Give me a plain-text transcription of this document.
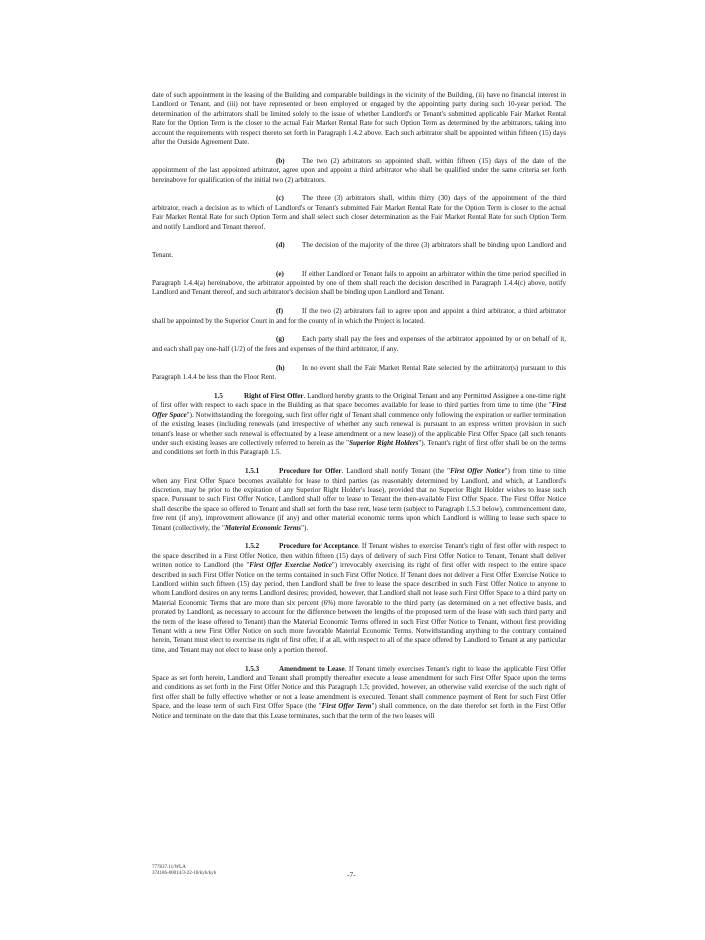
date of such appointment in the leasing of the Building and comparable buildings in the vicinity of the Building, (ii) have no financial interest in Landlord or Tenant, and (iii) not have represented or been employed or engaged by the appointing party during such 10-year period. The determination of the arbitrators shall be limited solely to the issue of whether Landlord's or Tenant's submitted applicable Fair Market Rental Rate for the Option Term is the closer to the actual Fair Market Rental Rate for such Option Term as determined by the arbitrators, taking into account the requirements with respect thereto set forth in Paragraph 1.4.2 above. Each such arbitrator shall be appointed within fifteen (15) days after the Outside Agreement Date.

(b) The two (2) arbitrators so appointed shall, within fifteen (15) days of the date of the appointment of the last appointed arbitrator, agree upon and appoint a third arbitrator who shall be qualified under the same criteria set forth hereinabove for qualification of the initial two (2) arbitrators.

(c)	The three (3) arbitrators shall, within thirty (30) days of the appointment of the third arbitrator, reach a decision as to which of Landlord's or Tenant's submitted Fair Market Rental Rate for the Option Term is closer to the actual Fair Market Rental Rate for such Option Term and shall select such closer determination as the Fair Market Rental Rate for such Option Term and notify Landlord and Tenant thereof.

(d) The decision of the majority of the three (3) arbitrators shall be binding upon Landlord and Tenant.

(e)	If either Landlord or Tenant fails to appoint an arbitrator within the time period specified in Paragraph 1.4.4(a) hereinabove, the arbitrator appointed by one of them shall reach the decision described in Paragraph 1.4.4(c) above, notify Landlord and Tenant thereof, and such arbitrator's decision shall be binding upon Landlord and Tenant.

(f)	If the two (2) arbitrators fail to agree upon and appoint a third arbitrator, a third arbitrator shall be appointed by the Superior Court in and for the county of in which the Project is located.

(g) Each party shall pay the fees and expenses of the arbitrator appointed by or on behalf of it, and each shall pay one-half (1/2) of the fees and expenses of the third arbitrator, if any.

(h) In no event shall the Fair Market Rental Rate selected by the arbitrator(s) pursuant to this Paragraph 1.4.4 be less than the Floor Rent.

1.5	Right of First Offer. Landlord hereby grants to the Original Tenant and any Permitted Assignee a one-time right of first offer with respect to each space in the Building as that space becomes available for lease to third parties from time to time (the "First Offer Space"). Notwithstanding the foregoing, such first offer right of Tenant shall commence only following the expiration or earlier termination of the existing leases (including renewals (and irrespective of whether any such renewal is pursuant to an express written provision in such tenant's lease or whether such renewal is effectuated by a lease amendment or a new lease)) of the applicable First Offer Space (all such tenants under such existing leases are collectively referred to herein as the "Superior Right Holders"). Tenant's right of first offer shall be on the terms and conditions set forth in this Paragraph 1.5.

1.5.1	Procedure for Offer. Landlord shall notify Tenant (the "First Offer Notice") from time to time when any First Offer Space becomes available for lease to third parties (as reasonably determined by Landlord, and which, at Landlord's discretion, may be prior to the expiration of any Superior Right Holder's lease), provided that no Superior Right Holder wishes to lease such space. Pursuant to such First Offer Notice, Landlord shall offer to lease to Tenant the then-available First Offer Space. The First Offer Notice shall describe the space so offered to Tenant and shall set forth the base rent, lease term (subject to Paragraph 1.5.3 below), commencement date, free rent (if any), improvement allowance (if any) and other material economic terms upon which Landlord is willing to lease such space to Tenant (collectively, the "Material Economic Terms").

1.5.2	Procedure for Acceptance. If Tenant wishes to exercise Tenant's right of first offer with respect to the space described in a First Offer Notice, then within fifteen (15) days of delivery of such First Offer Notice to Tenant, Tenant shall deliver written notice to Landlord (the "First Offer Exercise Notice") irrevocably exercising its right of first offer with respect to the entire space described in such First Offer Notice on the terms contained in such First Offer Notice. If Tenant does not deliver a First Offer Exercise Notice to Landlord within such fifteen (15) day period, then Landlord shall be free to lease the space described in such First Offer Notice to anyone to whom Landlord desires on any terms Landlord desires; provided, however, that Landlord shall not lease such First Offer Space to a third party on Material Economic Terms that are more than six percent (6%) more favorable to the third party (as determined on a net effective basis, and prorated by Landlord, as necessary to account for the difference between the lengths of the proposed term of the lease with such third party and the term of the lease offered to Tenant) than the Material Economic Terms offered in such First Offer Notice to Tenant, without first providing Tenant with a new First Offer Notice on such more favorable Material Economic Terms. Notwithstanding anything to the contrary contained herein, Tenant must elect to exercise its right of first offer, if at all, with respect to all of the space offered by Landlord to Tenant at any particular time, and Tenant may not elect to lease only a portion thereof.

1.5.3	Amendment to Lease. If Tenant timely exercises Tenant's right to lease the applicable First Offer Space as set forth herein, Landlord and Tenant shall promptly thereafter execute a lease amendment for such First Offer Space upon the terms and conditions as set forth in the First Offer Notice and this Paragraph 1.5; provided, however, an otherwise valid exercise of the such right of first offer shall be fully effective whether or not a lease amendment is executed. Tenant shall commence payment of Rent for such First Offer Space, and the lease term of such First Offer Space (the "First Offer Term") shall commence, on the date therefor set forth in the First Offer Notice and terminate on the date that this Lease terminates, such that the term of the two leases will

777837.11/WLA
374186-00014/3-22-18/kyh/kyh	-7-
